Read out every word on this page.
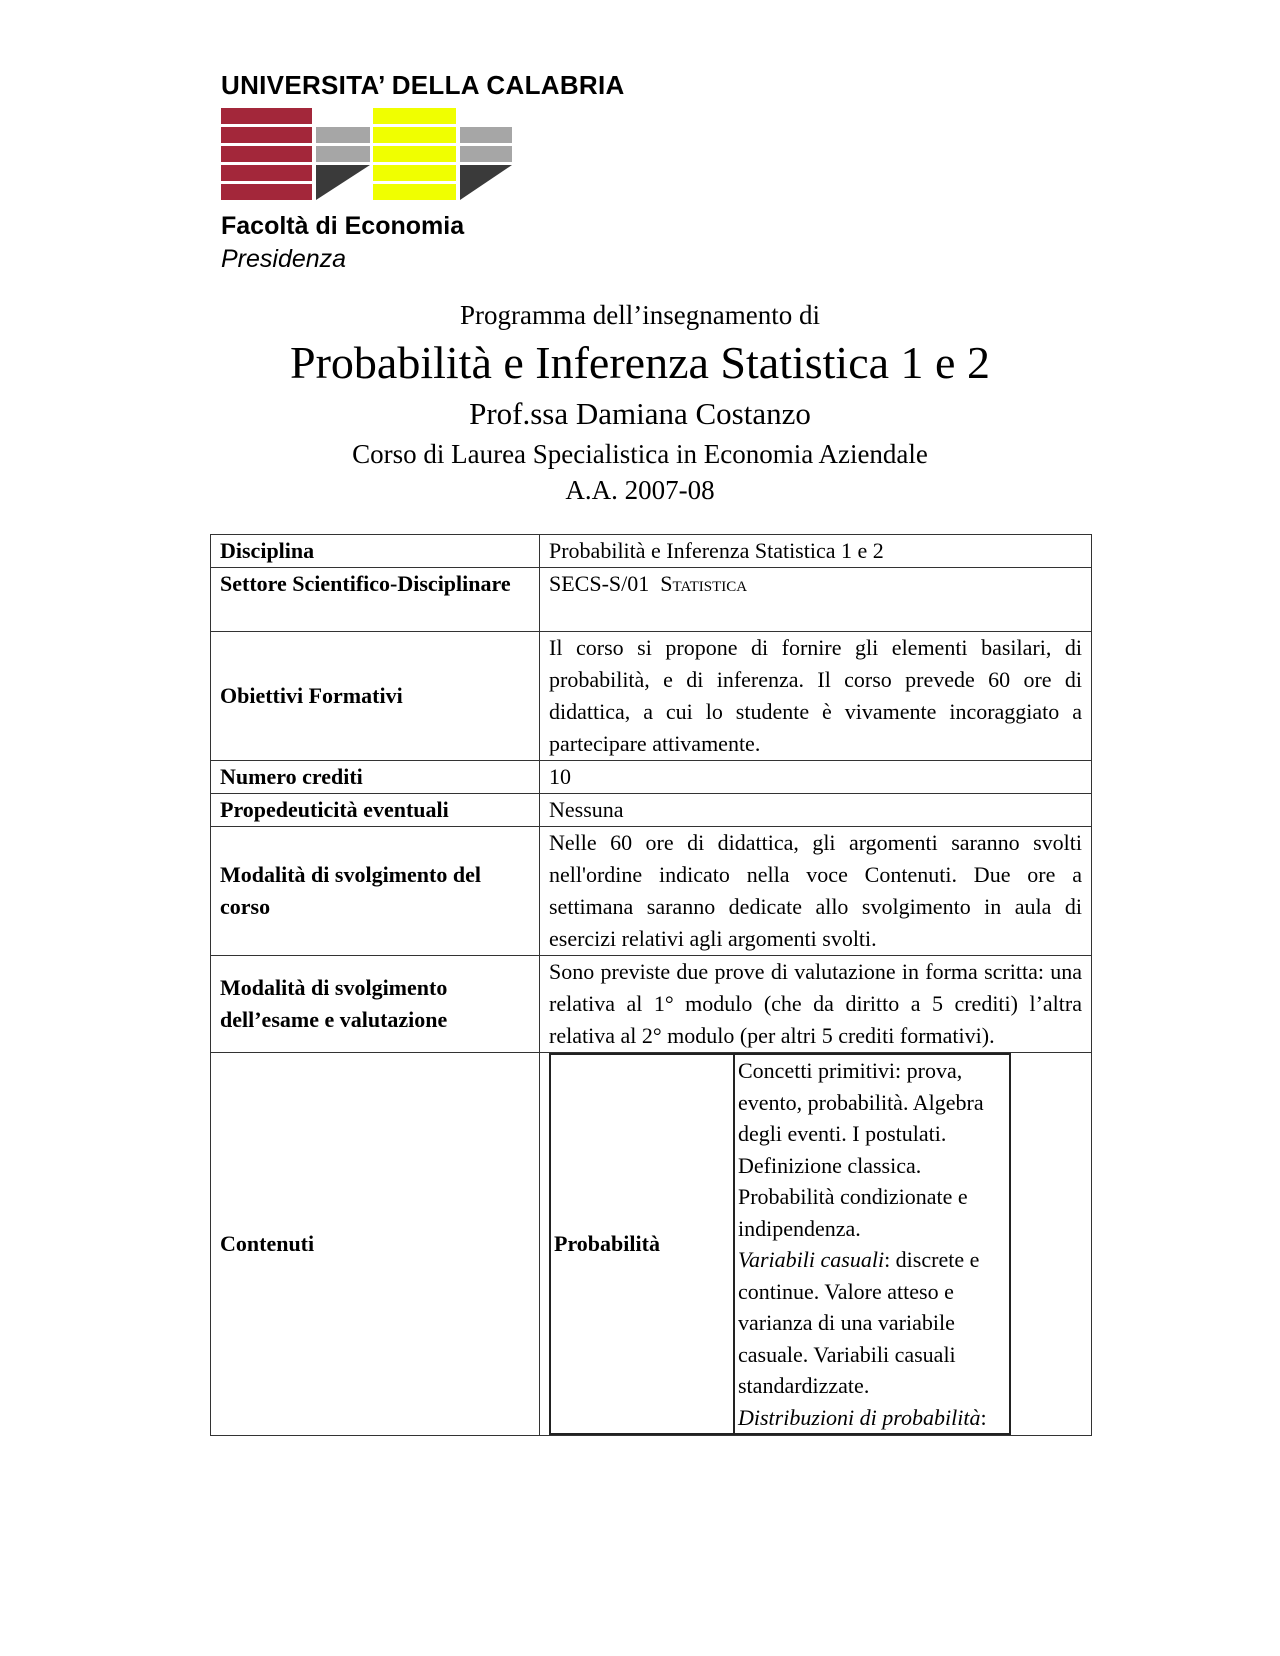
UNIVERSITA’ DELLA CALABRIA
Facoltà di Economia
Presidenza
Programma dell’insegnamento di
Probabilità e Inferenza Statistica 1 e 2
Prof.ssa Damiana Costanzo
Corso di Laurea Specialistica in Economia Aziendale
A.A. 2007-08
Disciplina	Probabilità e Inferenza Statistica 1 e 2
Settore Scientifico-Disciplinare	SECS-S/01 Statistica
Obiettivi Formativi	Il corso si propone di fornire gli elementi basilari, di probabilità, e di inferenza. Il corso prevede 60 ore di didattica, a cui lo studente è vivamente incoraggiato a partecipare attivamente.
Numero crediti	10
Propedeuticità eventuali	Nessuna
Modalità di svolgimento del corso	Nelle 60 ore di didattica, gli argomenti saranno svolti nell'ordine indicato nella voce Contenuti. Due ore a settimana saranno dedicate allo svolgimento in aula di esercizi relativi agli argomenti svolti.
Modalità di svolgimento dell’esame e valutazione	Sono previste due prove di valutazione in forma scritta: una relativa al 1° modulo (che da diritto a 5 crediti) l’altra relativa al 2° modulo (per altri 5 crediti formativi).
Contenuti		Probabilità	Concetti primitivi: prova, evento, probabilità. Algebra degli eventi. I postulati. Definizione classica. Probabilità condizionate e indipendenza.
Variabili casuali: discrete e continue. Valore atteso e varianza di una variabile casuale. Variabili casuali standardizzate.
Distribuzioni di probabilità:
